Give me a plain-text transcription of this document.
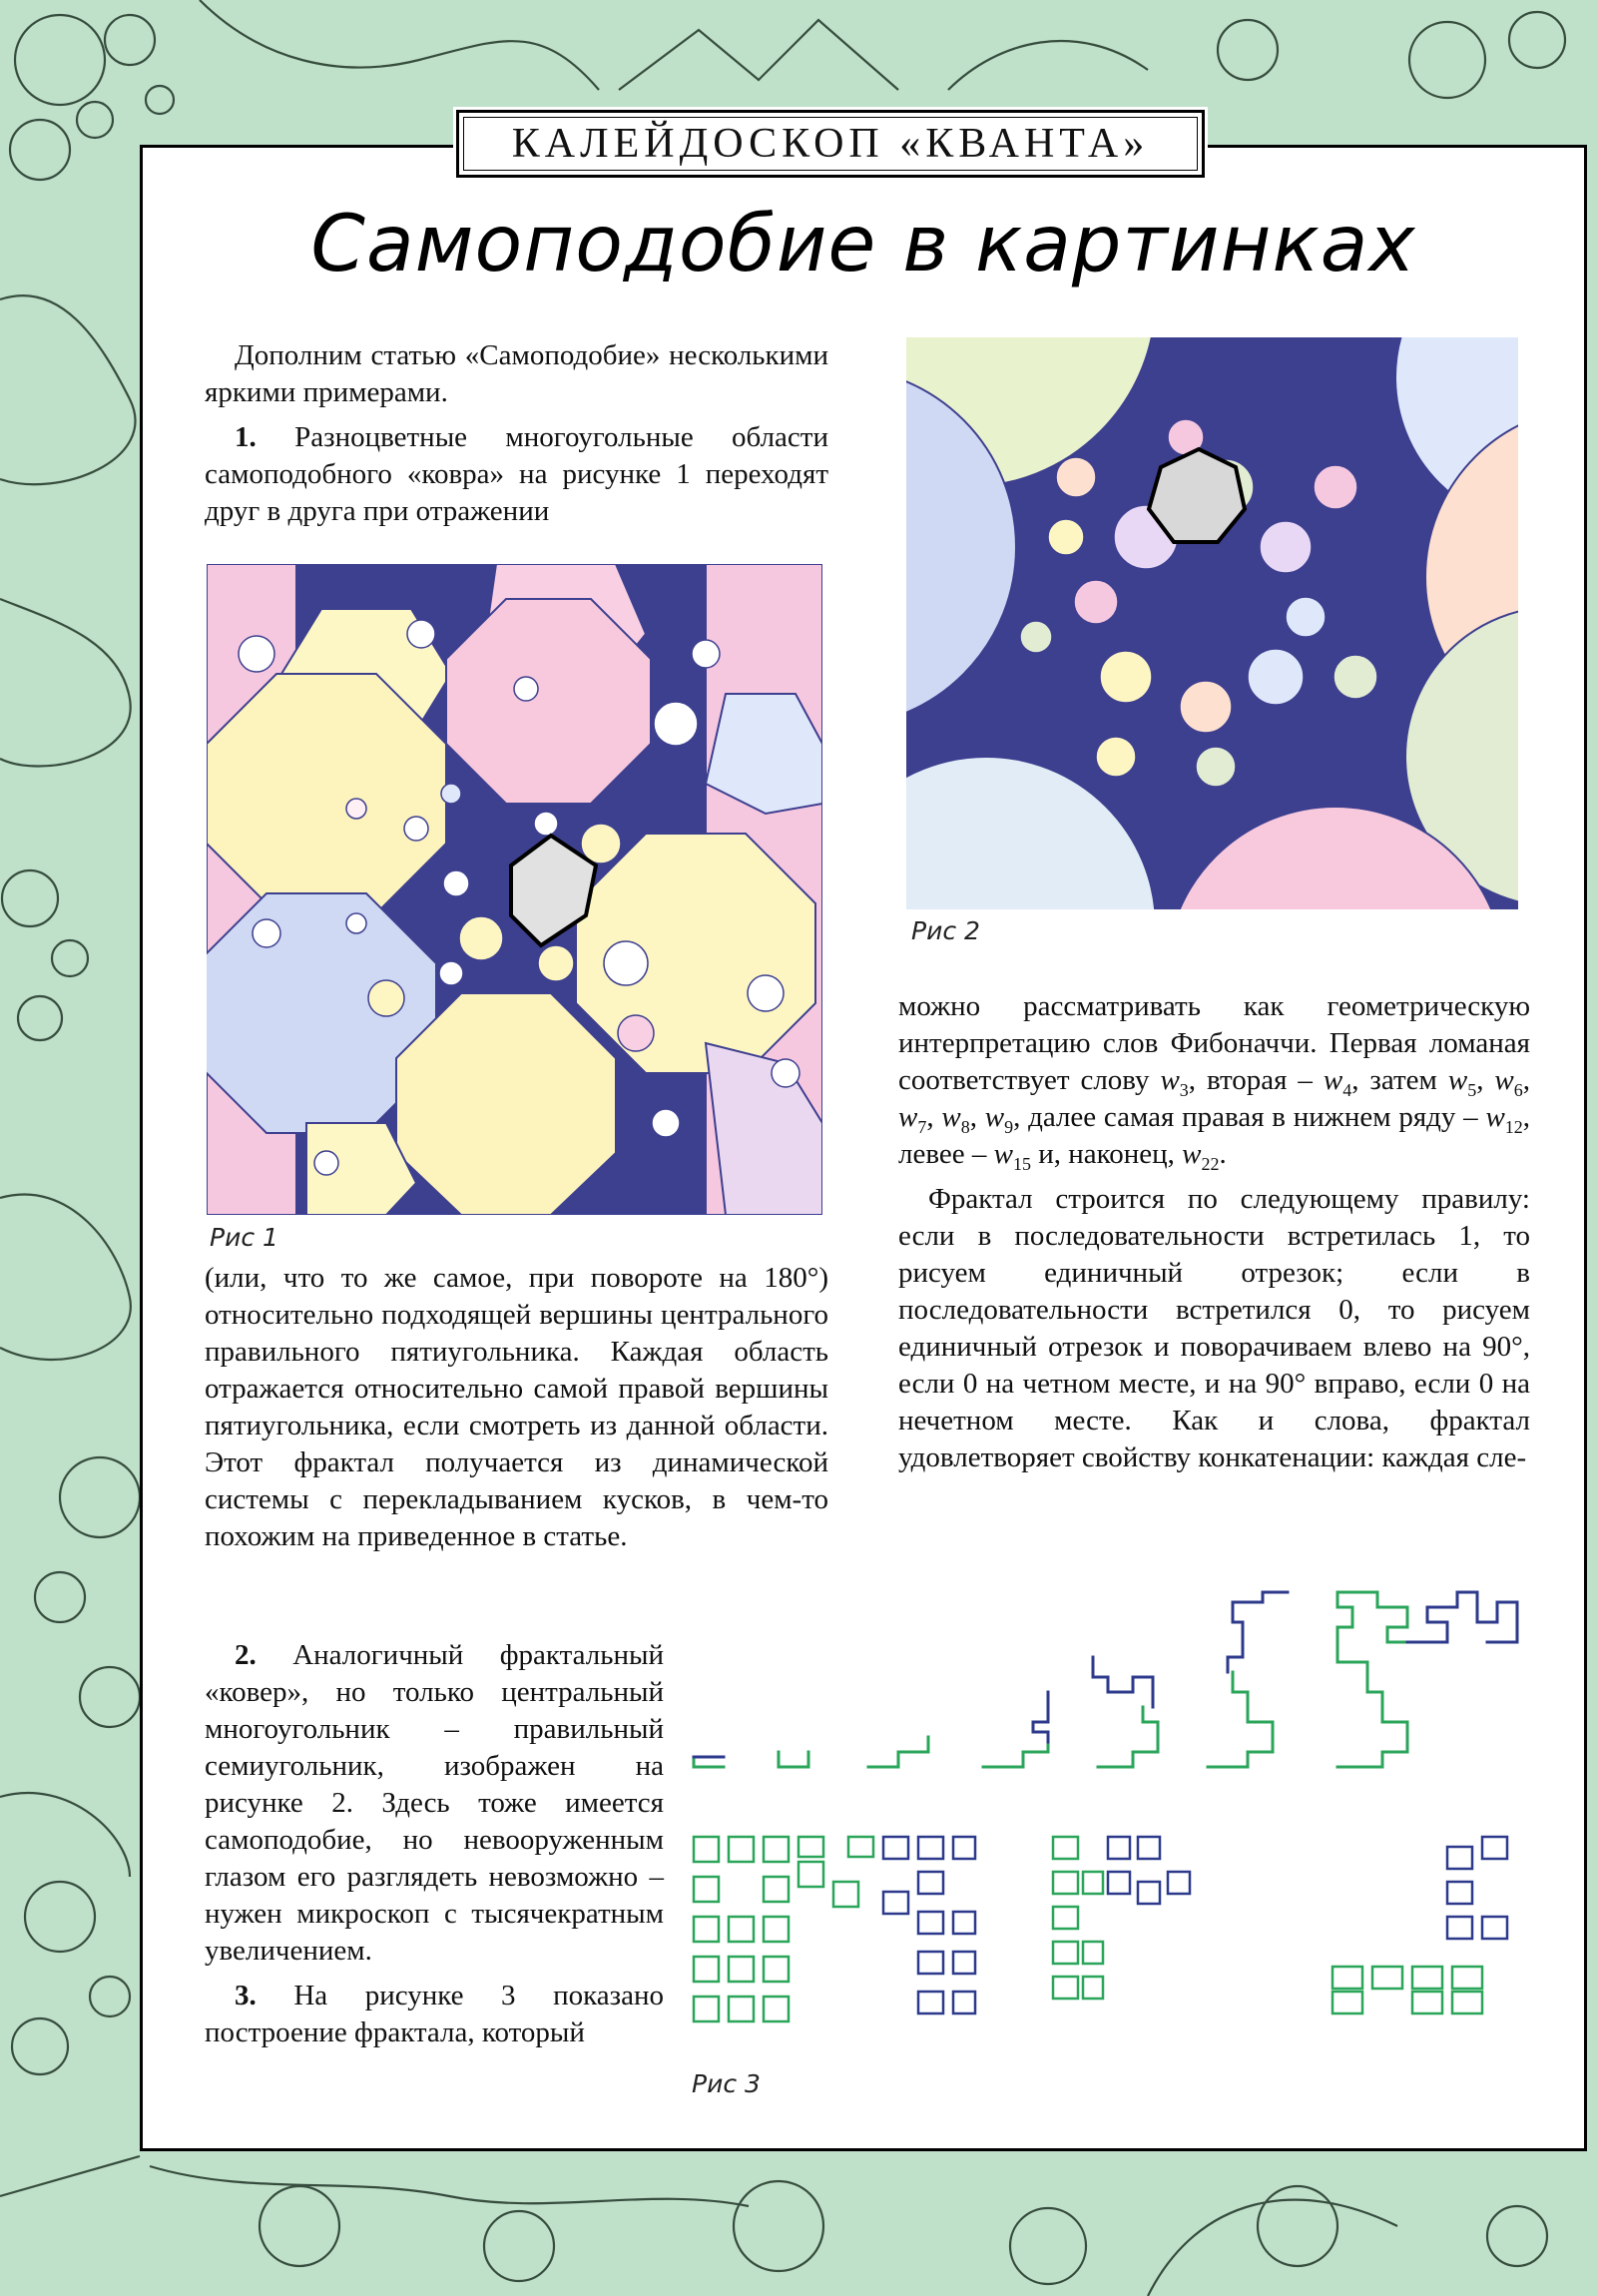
КАЛЕЙДОСКОП «КВАНТА»
Самоподобие в картинках

Дополним статью «Самоподобие» несколькими яркими примерами.

1. Разноцветные многоугольные области самоподобного «ковра» на рисунке 1 переходят друг в друга при отражении

Рис 1

(или, что то же самое, при повороте на 180°) относительно подходящей вершины центрального правильного пятиугольника. Каждая область отражается относительно самой правой вершины пятиугольника, если смотреть из данной области. Этот фрактал получается из динамической системы с перекладыванием кусков, в чем-то похожим на приведенное в статье.

2. Аналогичный фрактальный «ковер», но только центральный многоугольник – правильный семиугольник, изображен на рисунке 2. Здесь тоже имеется самоподобие, но невооруженным глазом его разглядеть невозможно – нужен микроскоп с тысячекратным увеличением.

3. На рисунке 3 показано построение фрактала, который

Рис 2

можно рассматривать как геометрическую интерпретацию слов Фибоначчи. Первая ломаная соответствует слову $w_3$, вторая – $w_4$, затем $w_5$, $w_6$, $w_7$, $w_8$, $w_9$, далее самая правая в нижнем ряду – $w_{12}$, левее – $w_{15}$ и, наконец, $w_{22}$.

Фрактал строится по следующему правилу: если в последовательности встретилась 1, то рисуем единичный отрезок; если в последовательности встретился 0, то рисуем единичный отрезок и поворачиваем влево на 90°, если 0 на четном месте, и на 90° вправо, если 0 на нечетном месте. Как и слова, фрактал удовлетворяет свойству конкатенации: каждая сле-

Рис 3
